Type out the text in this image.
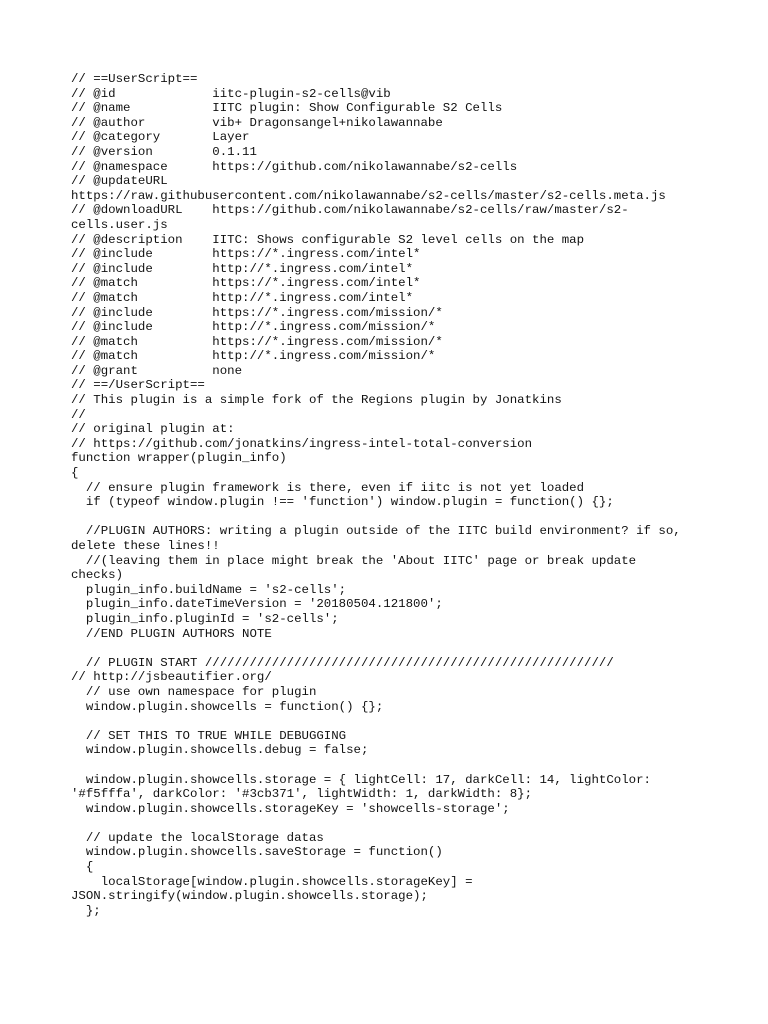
// ==UserScript==
// @id             iitc-plugin-s2-cells@vib
// @name           IITC plugin: Show Configurable S2 Cells
// @author         vib+ Dragonsangel+nikolawannabe
// @category       Layer
// @version        0.1.11
// @namespace      https://github.com/nikolawannabe/s2-cells
// @updateURL
https://raw.githubusercontent.com/nikolawannabe/s2-cells/master/s2-cells.meta.js
// @downloadURL    https://github.com/nikolawannabe/s2-cells/raw/master/s2-
cells.user.js
// @description    IITC: Shows configurable S2 level cells on the map
// @include        https://*.ingress.com/intel*
// @include        http://*.ingress.com/intel*
// @match          https://*.ingress.com/intel*
// @match          http://*.ingress.com/intel*
// @include        https://*.ingress.com/mission/*
// @include        http://*.ingress.com/mission/*
// @match          https://*.ingress.com/mission/*
// @match          http://*.ingress.com/mission/*
// @grant          none
// ==/UserScript==
// This plugin is a simple fork of the Regions plugin by Jonatkins
//
// original plugin at:
// https://github.com/jonatkins/ingress-intel-total-conversion
function wrapper(plugin_info)
{
// ensure plugin framework is there, even if iitc is not yet loaded
if (typeof window.plugin !== 'function') window.plugin = function() {};
//PLUGIN AUTHORS: writing a plugin outside of the IITC build environment? if so,
delete these lines!!
//(leaving them in place might break the 'About IITC' page or break update
checks)
plugin_info.buildName = 's2-cells';
plugin_info.dateTimeVersion = '20180504.121800';
plugin_info.pluginId = 's2-cells';
//END PLUGIN AUTHORS NOTE
// PLUGIN START ///////////////////////////////////////////////////////
// http://jsbeautifier.org/
// use own namespace for plugin
window.plugin.showcells = function() {};
// SET THIS TO TRUE WHILE DEBUGGING
window.plugin.showcells.debug = false;
window.plugin.showcells.storage = { lightCell: 17, darkCell: 14, lightColor:
'#f5fffa', darkColor: '#3cb371', lightWidth: 1, darkWidth: 8};
window.plugin.showcells.storageKey = 'showcells-storage';
// update the localStorage datas
window.plugin.showcells.saveStorage = function()
{
localStorage[window.plugin.showcells.storageKey] =
JSON.stringify(window.plugin.showcells.storage);
};
